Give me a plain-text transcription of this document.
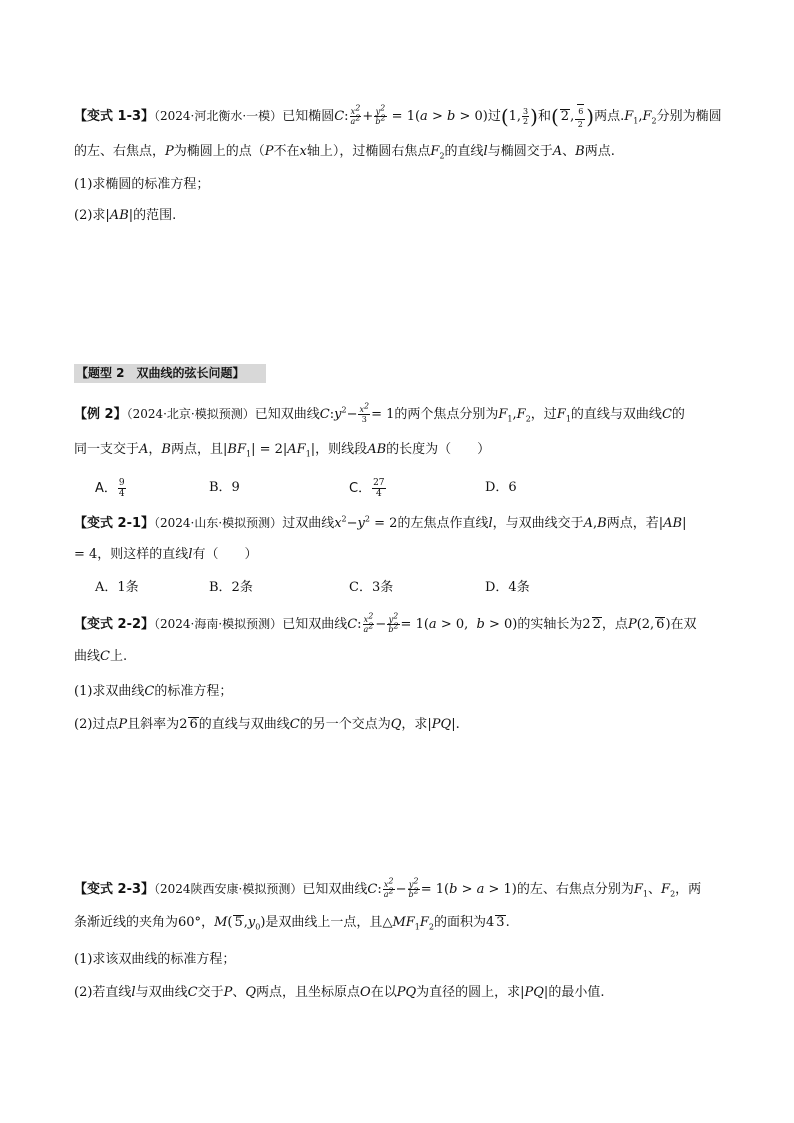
【变式 1-3】（2024·河北衡水·一模）已知椭圆C: $\frac{x^2}{a^2} + \frac{y^2}{b^2} = 1(a > b > 0)$过(1, $\frac{3}{2}$ )和( 2, $\frac{6}{2}$ )两点$.F_1,F_2$分别为椭圆
的左、右焦点，P为椭圆上的点（P不在x轴上），过椭圆右焦点$F_2$的直线l与椭圆交于A、B两点.
(1)求椭圆的标准方程；
(2)求|AB|的范围.
【题型 2　双曲线的弦长问题】
【例 2】（2024·北京·模拟预测）已知双曲线$C:y^2- \frac{x^2}{3} = 1$的两个焦点分别为$F_1,F_2$，过$F_1$的直线与双曲线C的
同一支交于A，B两点，且$|BF_1| = 2|AF_1|$，则线段AB的长度为（　　）
A． $\frac{9}{4}$	B．9	C． $\frac{27}{4}$	D．6
【变式 2-1】（2024·山东·模拟预测）过双曲线$x^2-y^2 = 2$的左焦点作直线l，与双曲线交于A,B两点，若|AB|
= 4，则这样的直线l有（　　）
A．1条	B．2条	C．3条	D．4条
【变式 2-2】（2024·海南·模拟预测）已知双曲线C: $\frac{x^2}{a^2} - \frac{y^2}{b^2} = 1(a > 0$,  b > 0)的实轴长为2 2，点P(2, 6)在双
曲线C上.
(1)求双曲线C的标准方程；
(2)过点P且斜率为2 6的直线与双曲线C的另一个交点为Q，求|PQ|.
【变式 2-3】（2024陕西安康·模拟预测）已知双曲线C: $\frac{x^2}{a^2} - \frac{y^2}{b^2} = 1(b > a > 1)$的左、右焦点分别为$F_1$、$F_2$，两
条渐近线的夹角为60°，M( $5,y_0$)是双曲线上一点，且$\triangle MF_1F_2$的面积为4 3.
(1)求该双曲线的标准方程；
(2)若直线l与双曲线C交于P、Q两点，且坐标原点O在以PQ为直径的圆上，求|PQ|的最小值.
